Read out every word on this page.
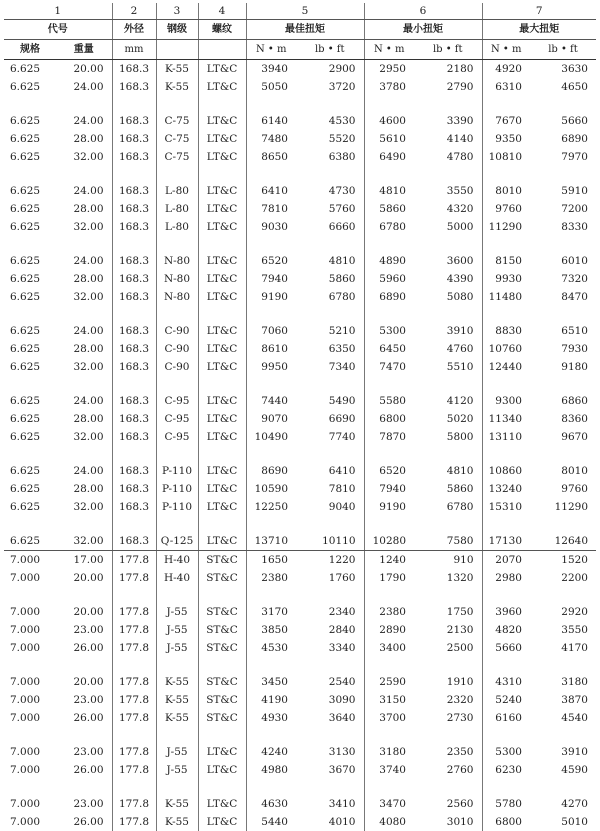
1		2	3	4	5		6		7	
代号		外径	钢级	螺纹	最佳扭矩		最小扭矩		最大扭矩	
规格	重量	mm			N • m	lb • ft	N • m	lb • ft	N • m	lb • ft
6.625	20.00	168.3	K-55	LT&C	3940	2900	2950	2180	4920	3630
6.625	24.00	168.3	K-55	LT&C	5050	3720	3780	2790	6310	4650

6.625	24.00	168.3	C-75	LT&C	6140	4530	4600	3390	7670	5660
6.625	28.00	168.3	C-75	LT&C	7480	5520	5610	4140	9350	6890
6.625	32.00	168.3	C-75	LT&C	8650	6380	6490	4780	10810	7970

6.625	24.00	168.3	L-80	LT&C	6410	4730	4810	3550	8010	5910
6.625	28.00	168.3	L-80	LT&C	7810	5760	5860	4320	9760	7200
6.625	32.00	168.3	L-80	LT&C	9030	6660	6780	5000	11290	8330

6.625	24.00	168.3	N-80	LT&C	6520	4810	4890	3600	8150	6010
6.625	28.00	168.3	N-80	LT&C	7940	5860	5960	4390	9930	7320
6.625	32.00	168.3	N-80	LT&C	9190	6780	6890	5080	11480	8470

6.625	24.00	168.3	C-90	LT&C	7060	5210	5300	3910	8830	6510
6.625	28.00	168.3	C-90	LT&C	8610	6350	6450	4760	10760	7930
6.625	32.00	168.3	C-90	LT&C	9950	7340	7470	5510	12440	9180

6.625	24.00	168.3	C-95	LT&C	7440	5490	5580	4120	9300	6860
6.625	28.00	168.3	C-95	LT&C	9070	6690	6800	5020	11340	8360
6.625	32.00	168.3	C-95	LT&C	10490	7740	7870	5800	13110	9670

6.625	24.00	168.3	P-110	LT&C	8690	6410	6520	4810	10860	8010
6.625	28.00	168.3	P-110	LT&C	10590	7810	7940	5860	13240	9760
6.625	32.00	168.3	P-110	LT&C	12250	9040	9190	6780	15310	11290

6.625	32.00	168.3	Q-125	LT&C	13710	10110	10280	7580	17130	12640
7.000	17.00	177.8	H-40	ST&C	1650	1220	1240	910	2070	1520
7.000	20.00	177.8	H-40	ST&C	2380	1760	1790	1320	2980	2200

7.000	20.00	177.8	J-55	ST&C	3170	2340	2380	1750	3960	2920
7.000	23.00	177.8	J-55	ST&C	3850	2840	2890	2130	4820	3550
7.000	26.00	177.8	J-55	ST&C	4530	3340	3400	2500	5660	4170

7.000	20.00	177.8	K-55	ST&C	3450	2540	2590	1910	4310	3180
7.000	23.00	177.8	K-55	ST&C	4190	3090	3150	2320	5240	3870
7.000	26.00	177.8	K-55	ST&C	4930	3640	3700	2730	6160	4540

7.000	23.00	177.8	J-55	LT&C	4240	3130	3180	2350	5300	3910
7.000	26.00	177.8	J-55	LT&C	4980	3670	3740	2760	6230	4590

7.000	23.00	177.8	K-55	LT&C	4630	3410	3470	2560	5780	4270
7.000	26.00	177.8	K-55	LT&C	5440	4010	4080	3010	6800	5010
